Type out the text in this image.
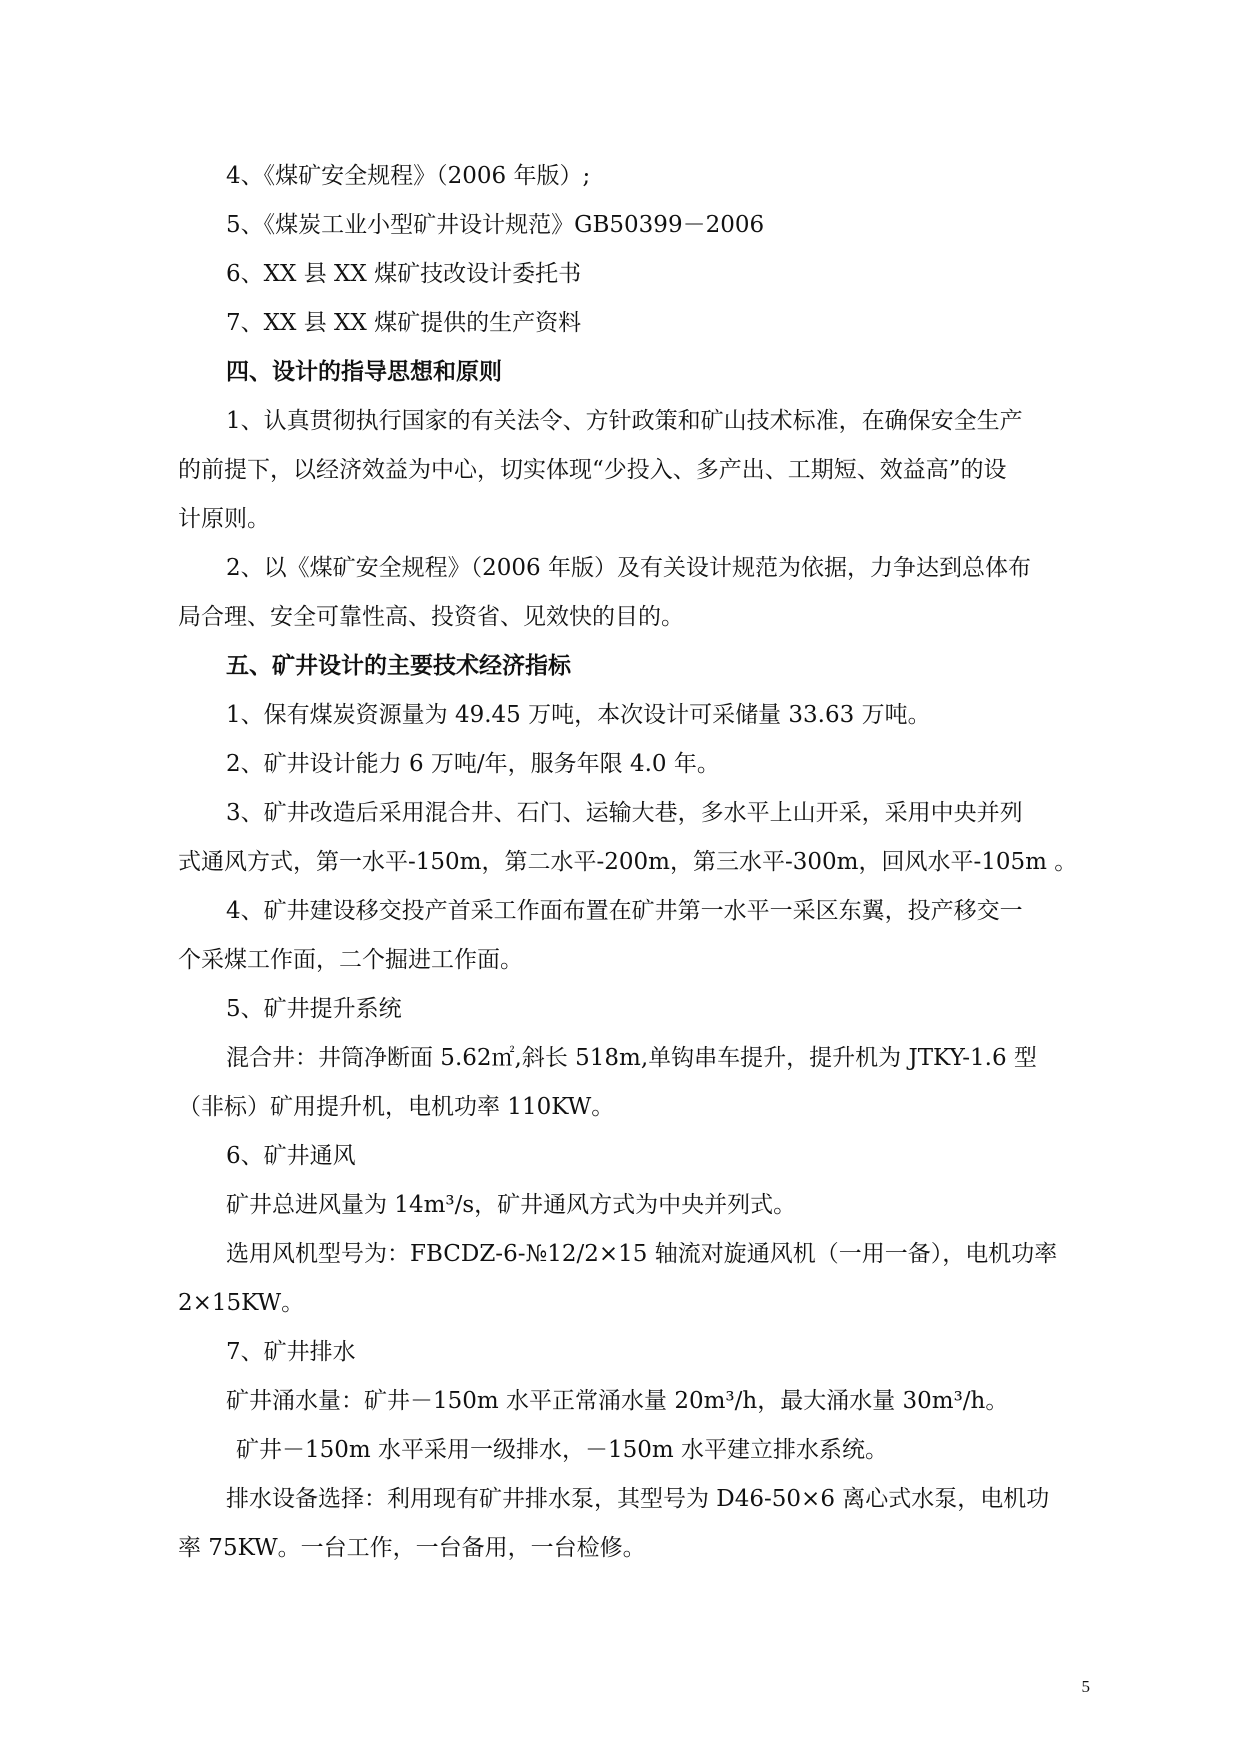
4、《煤矿安全规程》（2006 年版）;
5、《煤炭工业小型矿井设计规范》GB50399－2006
6、XX 县 XX 煤矿技改设计委托书
7、XX 县 XX 煤矿提供的生产资料
四、设计的指导思想和原则
1、认真贯彻执行国家的有关法令、方针政策和矿山技术标准，在确保安全生产
的前提下，以经济效益为中心，切实体现“少投入、多产出、工期短、效益高”的设
计原则。
2、以《煤矿安全规程》（2006 年版）及有关设计规范为依据，力争达到总体布
局合理、安全可靠性高、投资省、见效快的目的。
五、矿井设计的主要技术经济指标
1、保有煤炭资源量为 49.45 万吨，本次设计可采储量 33.63 万吨。
2、矿井设计能力 6 万吨/年，服务年限 4.0 年。
3、矿井改造后采用混合井、石门、运输大巷，多水平上山开采，采用中央并列
式通风方式，第一水平-150m，第二水平-200m，第三水平-300m，回风水平-105m 。
4、矿井建设移交投产首采工作面布置在矿井第一水平一采区东翼，投产移交一
个采煤工作面，二个掘进工作面。
5、矿井提升系统
混合井：井筒净断面 5.62㎡,斜长 518m,单钩串车提升，提升机为 JTKY-1.6 型
（非标）矿用提升机，电机功率 110KW。
6、矿井通风
矿井总进风量为 14m³/s，矿井通风方式为中央并列式。
选用风机型号为：FBCDZ-6-№12/2×15 轴流对旋通风机（一用一备），电机功率
2×15KW。
7、矿井排水
矿井涌水量：矿井－150m 水平正常涌水量 20m³/h，最大涌水量 30m³/h。
矿井－150m 水平采用一级排水，－150m 水平建立排水系统。
排水设备选择：利用现有矿井排水泵，其型号为 D46-50×6 离心式水泵，电机功
率 75KW。一台工作，一台备用，一台检修。
5
